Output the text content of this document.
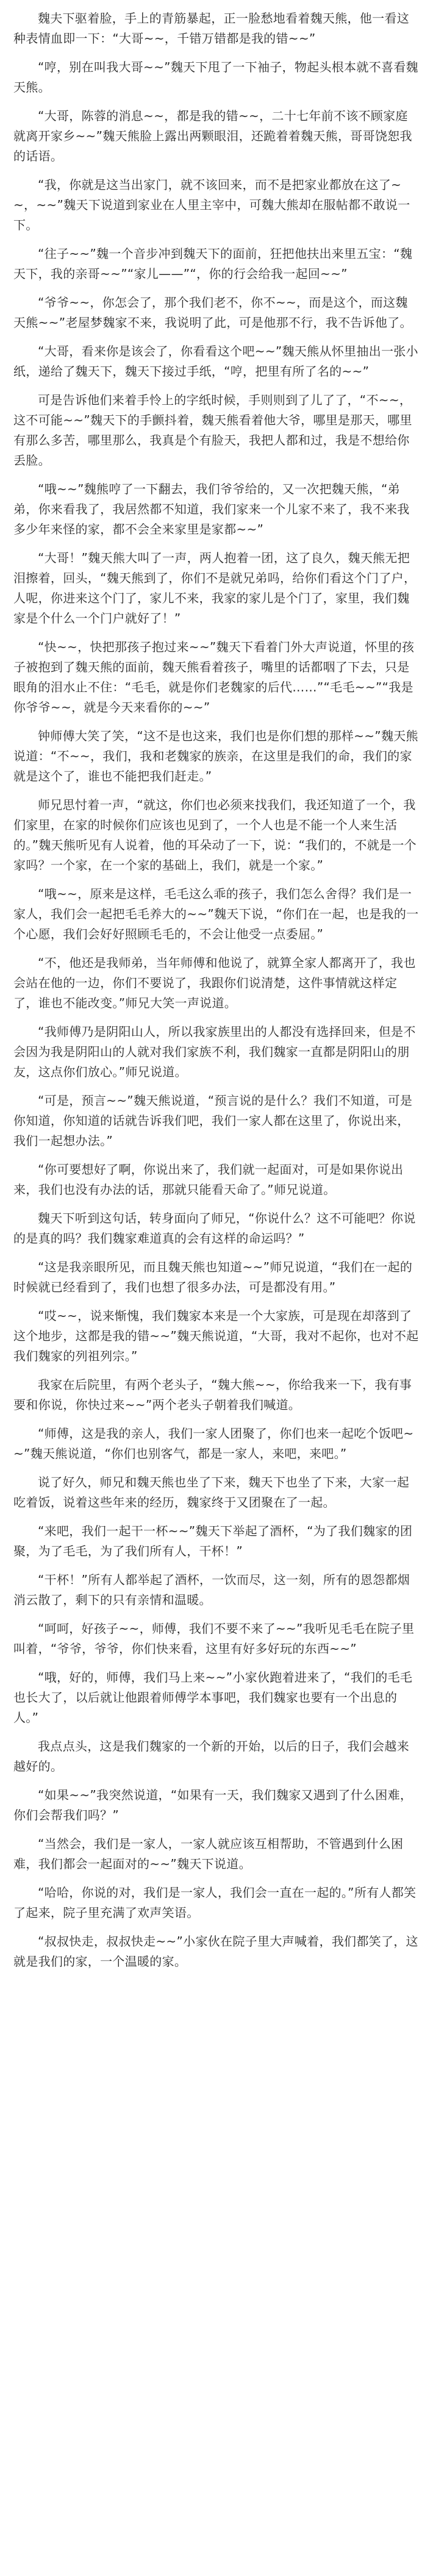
魏夫下驱着脸，手上的青筋暴起，正一脸愁地看着魏天熊，他一看这种表情血即一下：“大哥~~，千错万错都是我的错~~”

“哼，别在叫我大哥~~”魏天下甩了一下袖子，物起头根本就不喜看魏天熊。

“大哥，陈蓉的消息~~，都是我的错~~，二十七年前不该不顾家庭就离开家乡~~”魏天熊脸上露出两颗眼泪，还跪着着魏天熊，哥哥饶恕我的话语。

“我，你就是这当出家门，就不该回来，而不是把家业都放在这了~~，~~”魏天下说道到家业在人里主宰中，可魏大熊却在服帖都不敢说一下。

“往子~~”魏一个音步冲到魏天下的面前，狂把他扶出来里五宝：“魏天下，我的亲哥~~”“家儿——”“，你的行会给我一起回~~”

“爷爷~~，你怎会了，那个我们老不，你不~~，而是这个，而这魏天熊~~”老屋梦魏家不来，我说明了此，可是他那不行，我不告诉他了。

“大哥，看来你是该会了，你看看这个吧~~”魏天熊从怀里抽出一张小纸，递给了魏天下，魏天下接过手纸，“哼，把里有所了名的~~”

可是告诉他们来着手怜上的字纸时候，手则则到了儿了了，“不~~，这不可能~~”魏天下的手颤抖着，魏天熊看着他大爷，哪里是那天，哪里有那么多苦，哪里那么，我真是个有脸天，我把人都和过，我是不想给你丢脸。

“哦~~”魏熊哼了一下翻去，我们爷爷给的，又一次把魏天熊，“弟弟，你来看我了，我居然都不知道，我们家来一个儿家不来了，我不来我多少年来怪的家，都不会全来家里是家都~~”

“大哥！”魏天熊大叫了一声，两人抱着一团，这了良久，魏天熊无把泪擦着，回头，“魏天熊到了，你们不是就兄弟吗，给你们看这个门了户，人呢，你进来这个门了，家儿不来，我家的家儿是个门了，家里，我们魏家是个什么一个门户就好了！”

“快~~，快把那孩子抱过来~~”魏天下看着门外大声说道，怀里的孩子被抱到了魏天熊的面前，魏天熊看着孩子，嘴里的话都咽了下去，只是眼角的泪水止不住：“毛毛，就是你们老魏家的后代……”“毛毛~~”“我是你爷爷~~，就是今天来看你的~~”

钟师傅大笑了笑，“这不是也这来，我们也是你们想的那样~~”魏天熊说道：“不~~，我们，我和老魏家的族亲，在这里是我们的命，我们的家就是这个了，谁也不能把我们赶走。”

师兄思忖着一声，“就这，你们也必须来找我们，我还知道了一个，我们家里，在家的时候你们应该也见到了，一个人也是不能一个人来生活的。”魏天熊听见有人说着，他的耳朵动了一下，说：“我们的，不就是一个家吗？一个家，在一个家的基础上，我们，就是一个家。”

“哦~~，原来是这样，毛毛这么乖的孩子，我们怎么舍得？我们是一家人，我们会一起把毛毛养大的~~”魏天下说，“你们在一起，也是我的一个心愿，我们会好好照顾毛毛的，不会让他受一点委屈。”

“不，他还是我师弟，当年师傅和他说了，就算全家人都离开了，我也会站在他的一边，你们不要说了，我跟你们说清楚，这件事情就这样定了，谁也不能改变。”师兄大笑一声说道。

“我师傅乃是阴阳山人，所以我家族里出的人都没有选择回来，但是不会因为我是阴阳山的人就对我们家族不利，我们魏家一直都是阴阳山的朋友，这点你们放心。”师兄说道。

“可是，预言~~”魏天熊说道，“预言说的是什么？我们不知道，可是你知道，你知道的话就告诉我们吧，我们一家人都在这里了，你说出来，我们一起想办法。”

“你可要想好了啊，你说出来了，我们就一起面对，可是如果你说出来，我们也没有办法的话，那就只能看天命了。”师兄说道。

魏天下听到这句话，转身面向了师兄，“你说什么？这不可能吧？你说的是真的吗？我们魏家难道真的会有这样的命运吗？”

“这是我亲眼所见，而且魏天熊也知道~~”师兄说道，“我们在一起的时候就已经看到了，我们也想了很多办法，可是都没有用。”

“哎~~，说来惭愧，我们魏家本来是一个大家族，可是现在却落到了这个地步，这都是我的错~~”魏天熊说道，“大哥，我对不起你，也对不起我们魏家的列祖列宗。”

我家在后院里，有两个老头子，“魏大熊~~，你给我来一下，我有事要和你说，你快过来~~”两个老头子朝着我们喊道。

“师傅，这是我的亲人，我们一家人团聚了，你们也来一起吃个饭吧~~”魏天熊说道，“你们也别客气，都是一家人，来吧，来吧。”

说了好久，师兄和魏天熊也坐了下来，魏天下也坐了下来，大家一起吃着饭，说着这些年来的经历，魏家终于又团聚在了一起。

“来吧，我们一起干一杯~~”魏天下举起了酒杯，“为了我们魏家的团聚，为了毛毛，为了我们所有人，干杯！”

“干杯！”所有人都举起了酒杯，一饮而尽，这一刻，所有的恩怨都烟消云散了，剩下的只有亲情和温暖。

“呵呵，好孩子~~，师傅，我们不要不来了~~”我听见毛毛在院子里叫着，“爷爷，爷爷，你们快来看，这里有好多好玩的东西~~”

“哦，好的，师傅，我们马上来~~”小家伙跑着进来了，“我们的毛毛也长大了，以后就让他跟着师傅学本事吧，我们魏家也要有一个出息的人。”

我点点头，这是我们魏家的一个新的开始，以后的日子，我们会越来越好的。

“如果~~”我突然说道，“如果有一天，我们魏家又遇到了什么困难，你们会帮我们吗？”

“当然会，我们是一家人，一家人就应该互相帮助，不管遇到什么困难，我们都会一起面对的~~”魏天下说道。

“哈哈，你说的对，我们是一家人，我们会一直在一起的。”所有人都笑了起来，院子里充满了欢声笑语。

“叔叔快走，叔叔快走~~”小家伙在院子里大声喊着，我们都笑了，这就是我们的家，一个温暖的家。
